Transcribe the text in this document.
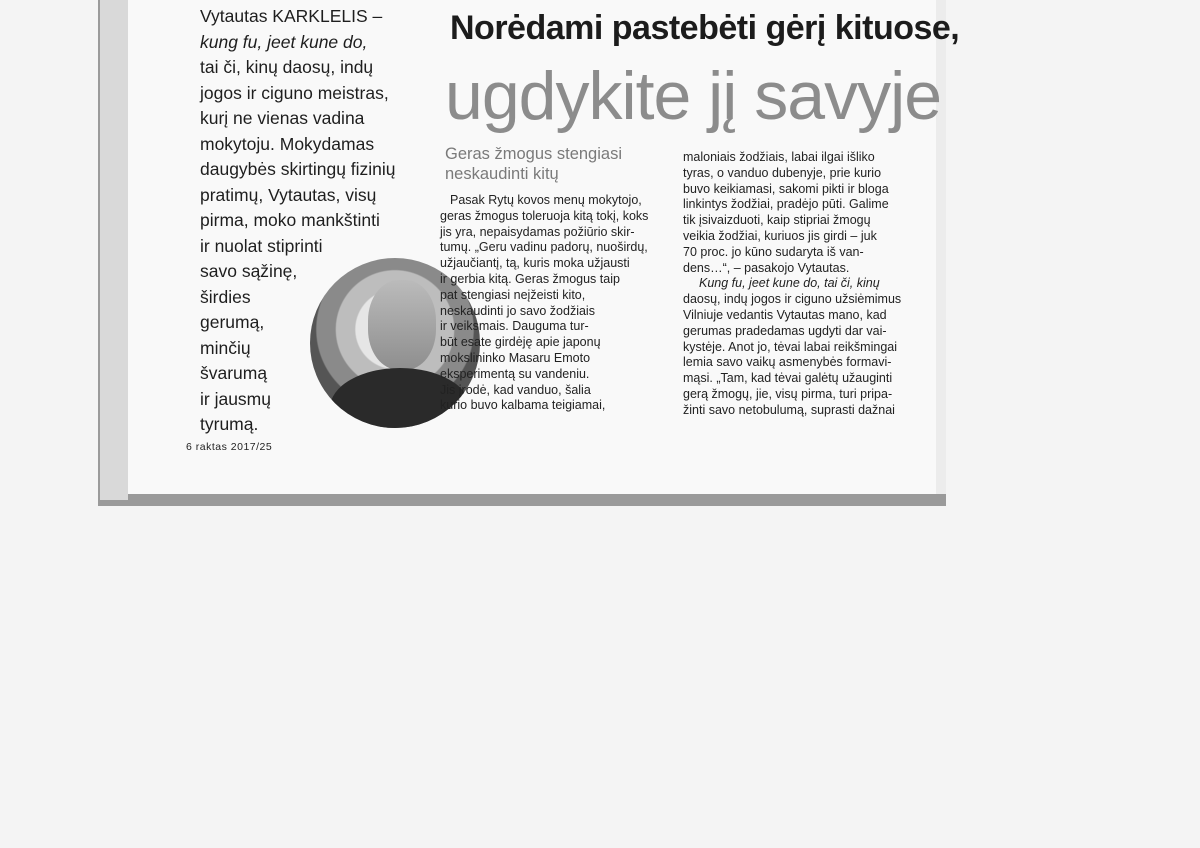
Vytautas KARKLELIS –
kung fu, jeet kune do,
tai či, kinų daosų, indų
jogos ir ciguno meistras,
kurį ne vienas vadina
mokytoju. Mokydamas
daugybės skirtingų fizinių
pratimų, Vytautas, visų
pirma, moko mankštinti
ir nuolat stiprinti
savo sąžinę,
širdies
gerumą,
minčių
švarumą
ir jausmų
tyrumą.
6 raktas 2017/25
Norėdami pastebėti gėrį kituose,
ugdykite jį savyje
Geras žmogus stengiasi
neskaudinti kitų
Pasak Rytų kovos menų mokytojo,
geras žmogus toleruoja kitą tokį, koks
jis yra, nepaisydamas požiūrio skir-
tumų. „Geru vadinu padorų, nuoširdų,
užjaučiantį, tą, kuris moka užjausti
ir gerbia kitą. Geras žmogus taip
pat stengiasi neįžeisti kito,
neskaudinti jo savo žodžiais
ir veiksmais. Dauguma tur-
būt esate girdėję apie japonų
mokslininko Masaru Emoto
eksperimentą su vandeniu.
Jis įrodė, kad vanduo, šalia
kurio buvo kalbama teigiamai,
maloniais žodžiais, labai ilgai išliko
tyras, o vanduo dubenyje, prie kurio
buvo keikiamasi, sakomi pikti ir bloga
linkintys žodžiai, pradėjo pūti. Galime
tik įsivaizduoti, kaip stipriai žmogų
veikia žodžiai, kuriuos jis girdi – juk
70 proc. jo kūno sudaryta iš van-
dens…“, – pasakojo Vytautas.
Kung fu, jeet kune do, tai či, kinų
daosų, indų jogos ir ciguno užsiėmimus
Vilniuje vedantis Vytautas mano, kad
gerumas pradedamas ugdyti dar vai-
kystėje. Anot jo, tėvai labai reikšmingai
lemia savo vaikų asmenybės formavi-
mąsi. „Tam, kad tėvai galėtų užauginti
gerą žmogų, jie, visų pirma, turi pripa-
žinti savo netobulumą, suprasti dažnai
